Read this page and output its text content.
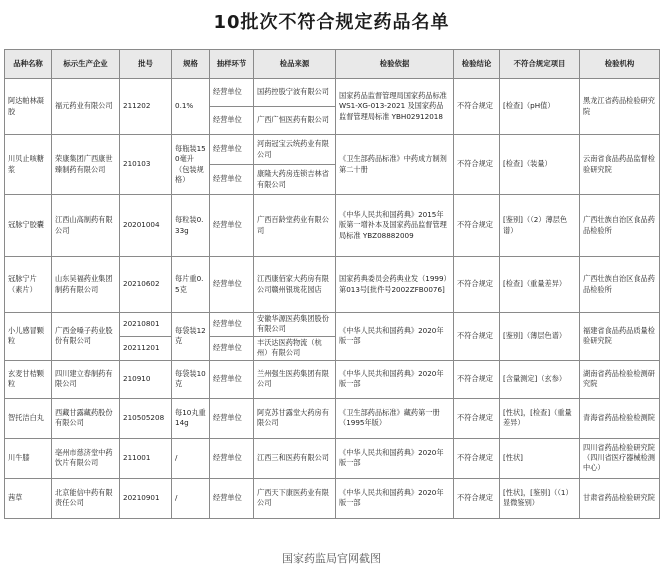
10批次不符合规定药品名单
品种名称	标示生产企业	批号	规格	抽样环节	检品来源	检验依据	检验结论	不符合规定项目	检验机构
阿达帕林凝胶	福元药业有限公司	211202	0.1%	经营单位	国药控股宁波有限公司	国家药品监督管理局国家药品标准 WS1-XG-013-2021 及国家药品监督管理局标准 YBH02912018	不符合规定	[检查]（pH值）	黑龙江省药品检验研究院
				经营单位	广西广恒医药有限公司				
川贝止咳糖浆	荣康集团广西康世臻制药有限公司	210103	每瓶装150毫升（包装规格）	经营单位	河南冠宝云统药业有限公司	《卫生部药品标准》中药成方制剂第二十册	不符合规定	[检查]（装量）	云南省食品药品监督检验研究院
				经营单位	康隆大药房连锁吉林省有限公司				
冠脉宁胶囊	江西山高制药有限公司	20201004	每粒装0.33g	经营单位	广西百龄堂药业有限公司	《中华人民共和国药典》2015年版第一增补本及国家药品监督管理局标准 YBZ08882009	不符合规定	[鉴别]（（2）薄层色谱）	广西壮族自治区食品药品检验所
冠脉宁片（素片）	山东吴福药业集团制药有限公司	20210602	每片重0.5克	经营单位	江西康佰家大药房有限公司赣州银珑花园店	国家药典委员会药典业发（1999）第013号[批件号2002ZFB0076]	不符合规定	[检查]（重量差异）	广西壮族自治区食品药品检验所
小儿感冒颗粒	广西金嗓子药业股份有限公司	20210801	每袋装12克	经营单位	安徽华源医药集团股份有限公司	《中华人民共和国药典》2020年版一部	不符合规定	[鉴别]（薄层色谱）	福建省食品药品质量检验研究院
		20211201		经营单位	丰沃达医药物流（杭州）有限公司				
玄麦甘桔颗粒	四川建立春制药有限公司	210910	每袋装10克	经营单位	兰州强生医药集团有限公司	《中华人民共和国药典》2020年版一部	不符合规定	[含量测定]（玄参）	湖南省药品检验检测研究院
智托洁白丸	西藏甘露藏药股份有限公司	210505208	每10丸重14g	经营单位	阿克苏甘露堂大药房有限公司	《卫生部药品标准》藏药第一册（1995年版）	不符合规定	[性状]，[检查]（重量差异）	青海省药品检验检测院
川牛膝	亳州市慈济堂中药饮片有限公司	211001	/	经营单位	江西三和医药有限公司	《中华人民共和国药典》2020年版一部	不符合规定	[性状]	四川省药品检验研究院（四川省医疗器械检测中心）
茜草	北京能信中药有限责任公司	20210901	/	经营单位	广西天下康医药业有限公司	《中华人民共和国药典》2020年版一部	不符合规定	[性状]，[鉴别]（（1）显微鉴别）	甘肃省药品检验研究院
国家药监局官网截图
